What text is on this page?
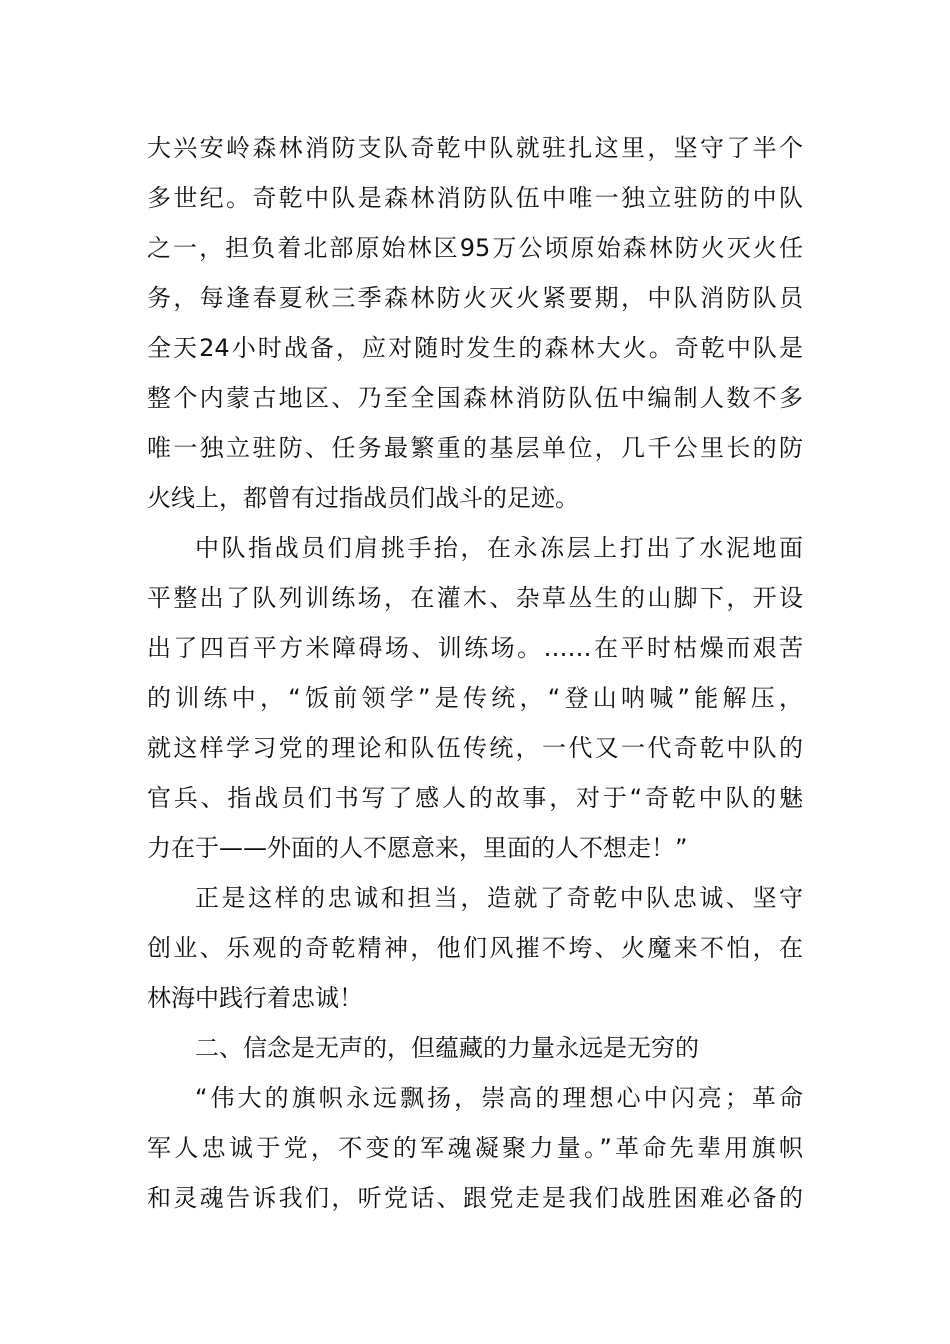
大兴安岭森林消防支队奇乾中队就驻扎这里，坚守了半个
多世纪。奇乾中队是森林消防队伍中唯一独立驻防的中队
之一，担负着北部原始林区95万公顷原始森林防火灭火任
务，每逢春夏秋三季森林防火灭火紧要期，中队消防队员
全天24小时战备，应对随时发生的森林大火。奇乾中队是
整个内蒙古地区、乃至全国森林消防队伍中编制人数不多
唯一独立驻防、任务最繁重的基层单位，几千公里长的防
火线上，都曾有过指战员们战斗的足迹。
中队指战员们肩挑手抬，在永冻层上打出了水泥地面
平整出了队列训练场，在灌木、杂草丛生的山脚下，开设
出了四百平方米障碍场、训练场。……在平时枯燥而艰苦
的训练中，“饭前领学”是传统，“登山呐喊”能解压，
就这样学习党的理论和队伍传统，一代又一代奇乾中队的
官兵、指战员们书写了感人的故事，对于“奇乾中队的魅
力在于——外面的人不愿意来，里面的人不想走！”
正是这样的忠诚和担当，造就了奇乾中队忠诚、坚守
创业、乐观的奇乾精神，他们风摧不垮、火魔来不怕，在
林海中践行着忠诚！
二、信念是无声的，但蕴藏的力量永远是无穷的
“伟大的旗帜永远飘扬，崇高的理想心中闪亮；革命
军人忠诚于党，不变的军魂凝聚力量。”革命先辈用旗帜
和灵魂告诉我们，听党话、跟党走是我们战胜困难必备的
